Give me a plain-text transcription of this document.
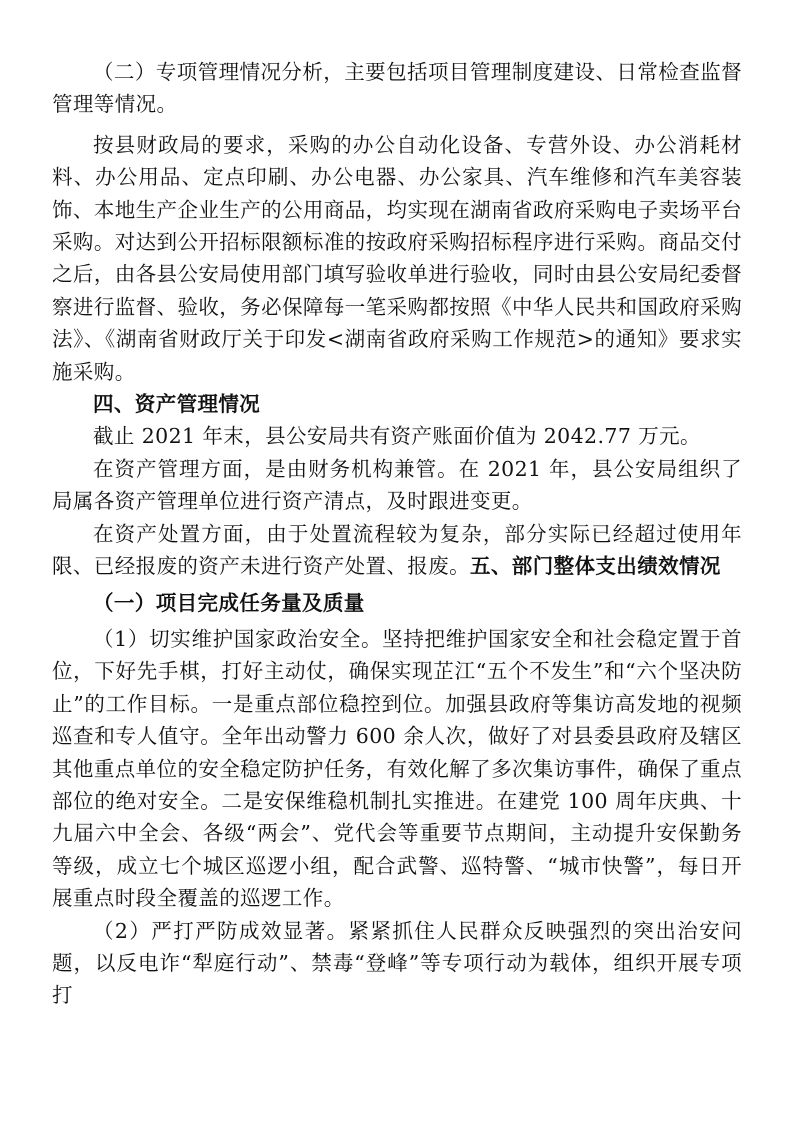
（二）专项管理情况分析，主要包括项目管理制度建设、日常检查监督管理等情况。

按县财政局的要求，采购的办公自动化设备、专营外设、办公消耗材料、办公用品、定点印刷、办公电器、办公家具、汽车维修和汽车美容装饰、本地生产企业生产的公用商品，均实现在湖南省政府采购电子卖场平台采购。对达到公开招标限额标准的按政府采购招标程序进行采购。商品交付之后，由各县公安局使用部门填写验收单进行验收，同时由县公安局纪委督察进行监督、验收，务必保障每一笔采购都按照《中华人民共和国政府采购法》、《湖南省财政厅关于印发<湖南省政府采购工作规范>的通知》要求实施采购。

四、资产管理情况

截止 2021 年末，县公安局共有资产账面价值为 2042.77 万元。

在资产管理方面，是由财务机构兼管。在 2021 年，县公安局组织了局属各资产管理单位进行资产清点，及时跟进变更。

在资产处置方面，由于处置流程较为复杂，部分实际已经超过使用年限、已经报废的资产未进行资产处置、报废。五、部门整体支出绩效情况

（一）项目完成任务量及质量

（1）切实维护国家政治安全。坚持把维护国家安全和社会稳定置于首位，下好先手棋，打好主动仗，确保实现芷江“五个不发生”和“六个坚决防止”的工作目标。一是重点部位稳控到位。加强县政府等集访高发地的视频巡查和专人值守。全年出动警力 600 余人次，做好了对县委县政府及辖区其他重点单位的安全稳定防护任务，有效化解了多次集访事件，确保了重点部位的绝对安全。二是安保维稳机制扎实推进。在建党 100 周年庆典、十九届六中全会、各级“两会”、党代会等重要节点期间，主动提升安保勤务等级，成立七个城区巡逻小组，配合武警、巡特警、“城市快警”，每日开展重点时段全覆盖的巡逻工作。

（2）严打严防成效显著。紧紧抓住人民群众反映强烈的突出治安问题，以反电诈“犁庭行动”、禁毒“登峰”等专项行动为载体，组织开展专项打
